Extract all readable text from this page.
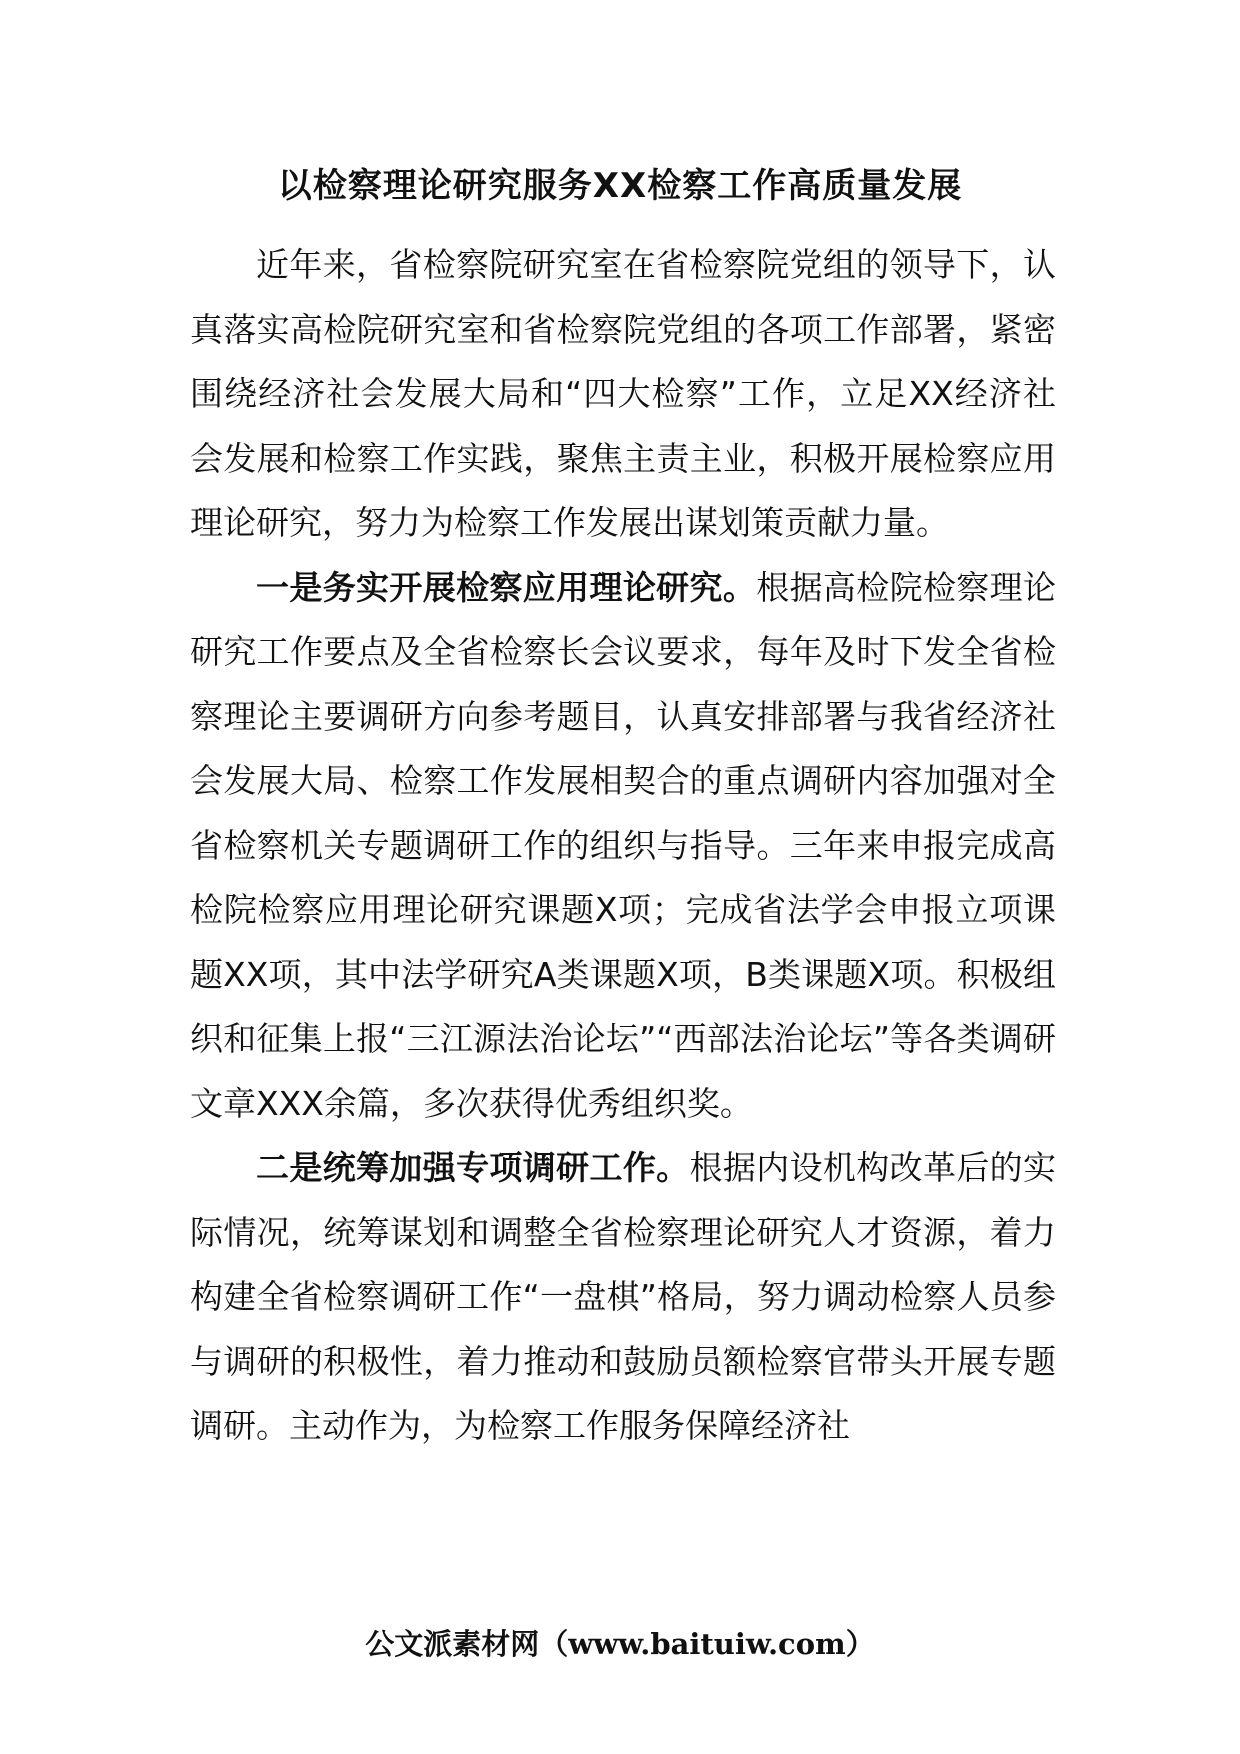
以检察理论研究服务XX检察工作高质量发展

近年来，省检察院研究室在省检察院党组的领导下，认真落实高检院研究室和省检察院党组的各项工作部署，紧密围绕经济社会发展大局和“四大检察”工作，立足XX经济社会发展和检察工作实践，聚焦主责主业，积极开展检察应用理论研究，努力为检察工作发展出谋划策贡献力量。

一是务实开展检察应用理论研究。根据高检院检察理论研究工作要点及全省检察长会议要求，每年及时下发全省检察理论主要调研方向参考题目，认真安排部署与我省经济社会发展大局、检察工作发展相契合的重点调研内容加强对全省检察机关专题调研工作的组织与指导。三年来申报完成高检院检察应用理论研究课题X项；完成省法学会申报立项课题XX项，其中法学研究A类课题X项，B类课题X项。积极组织和征集上报“三江源法治论坛”“西部法治论坛”等各类调研文章XXX余篇，多次获得优秀组织奖。

二是统筹加强专项调研工作。根据内设机构改革后的实际情况，统筹谋划和调整全省检察理论研究人才资源，着力构建全省检察调研工作“一盘棋”格局，努力调动检察人员参与调研的积极性，着力推动和鼓励员额检察官带头开展专题调研。主动作为，为检察工作服务保障经济社

公文派素材网（www.baituiw.com）
